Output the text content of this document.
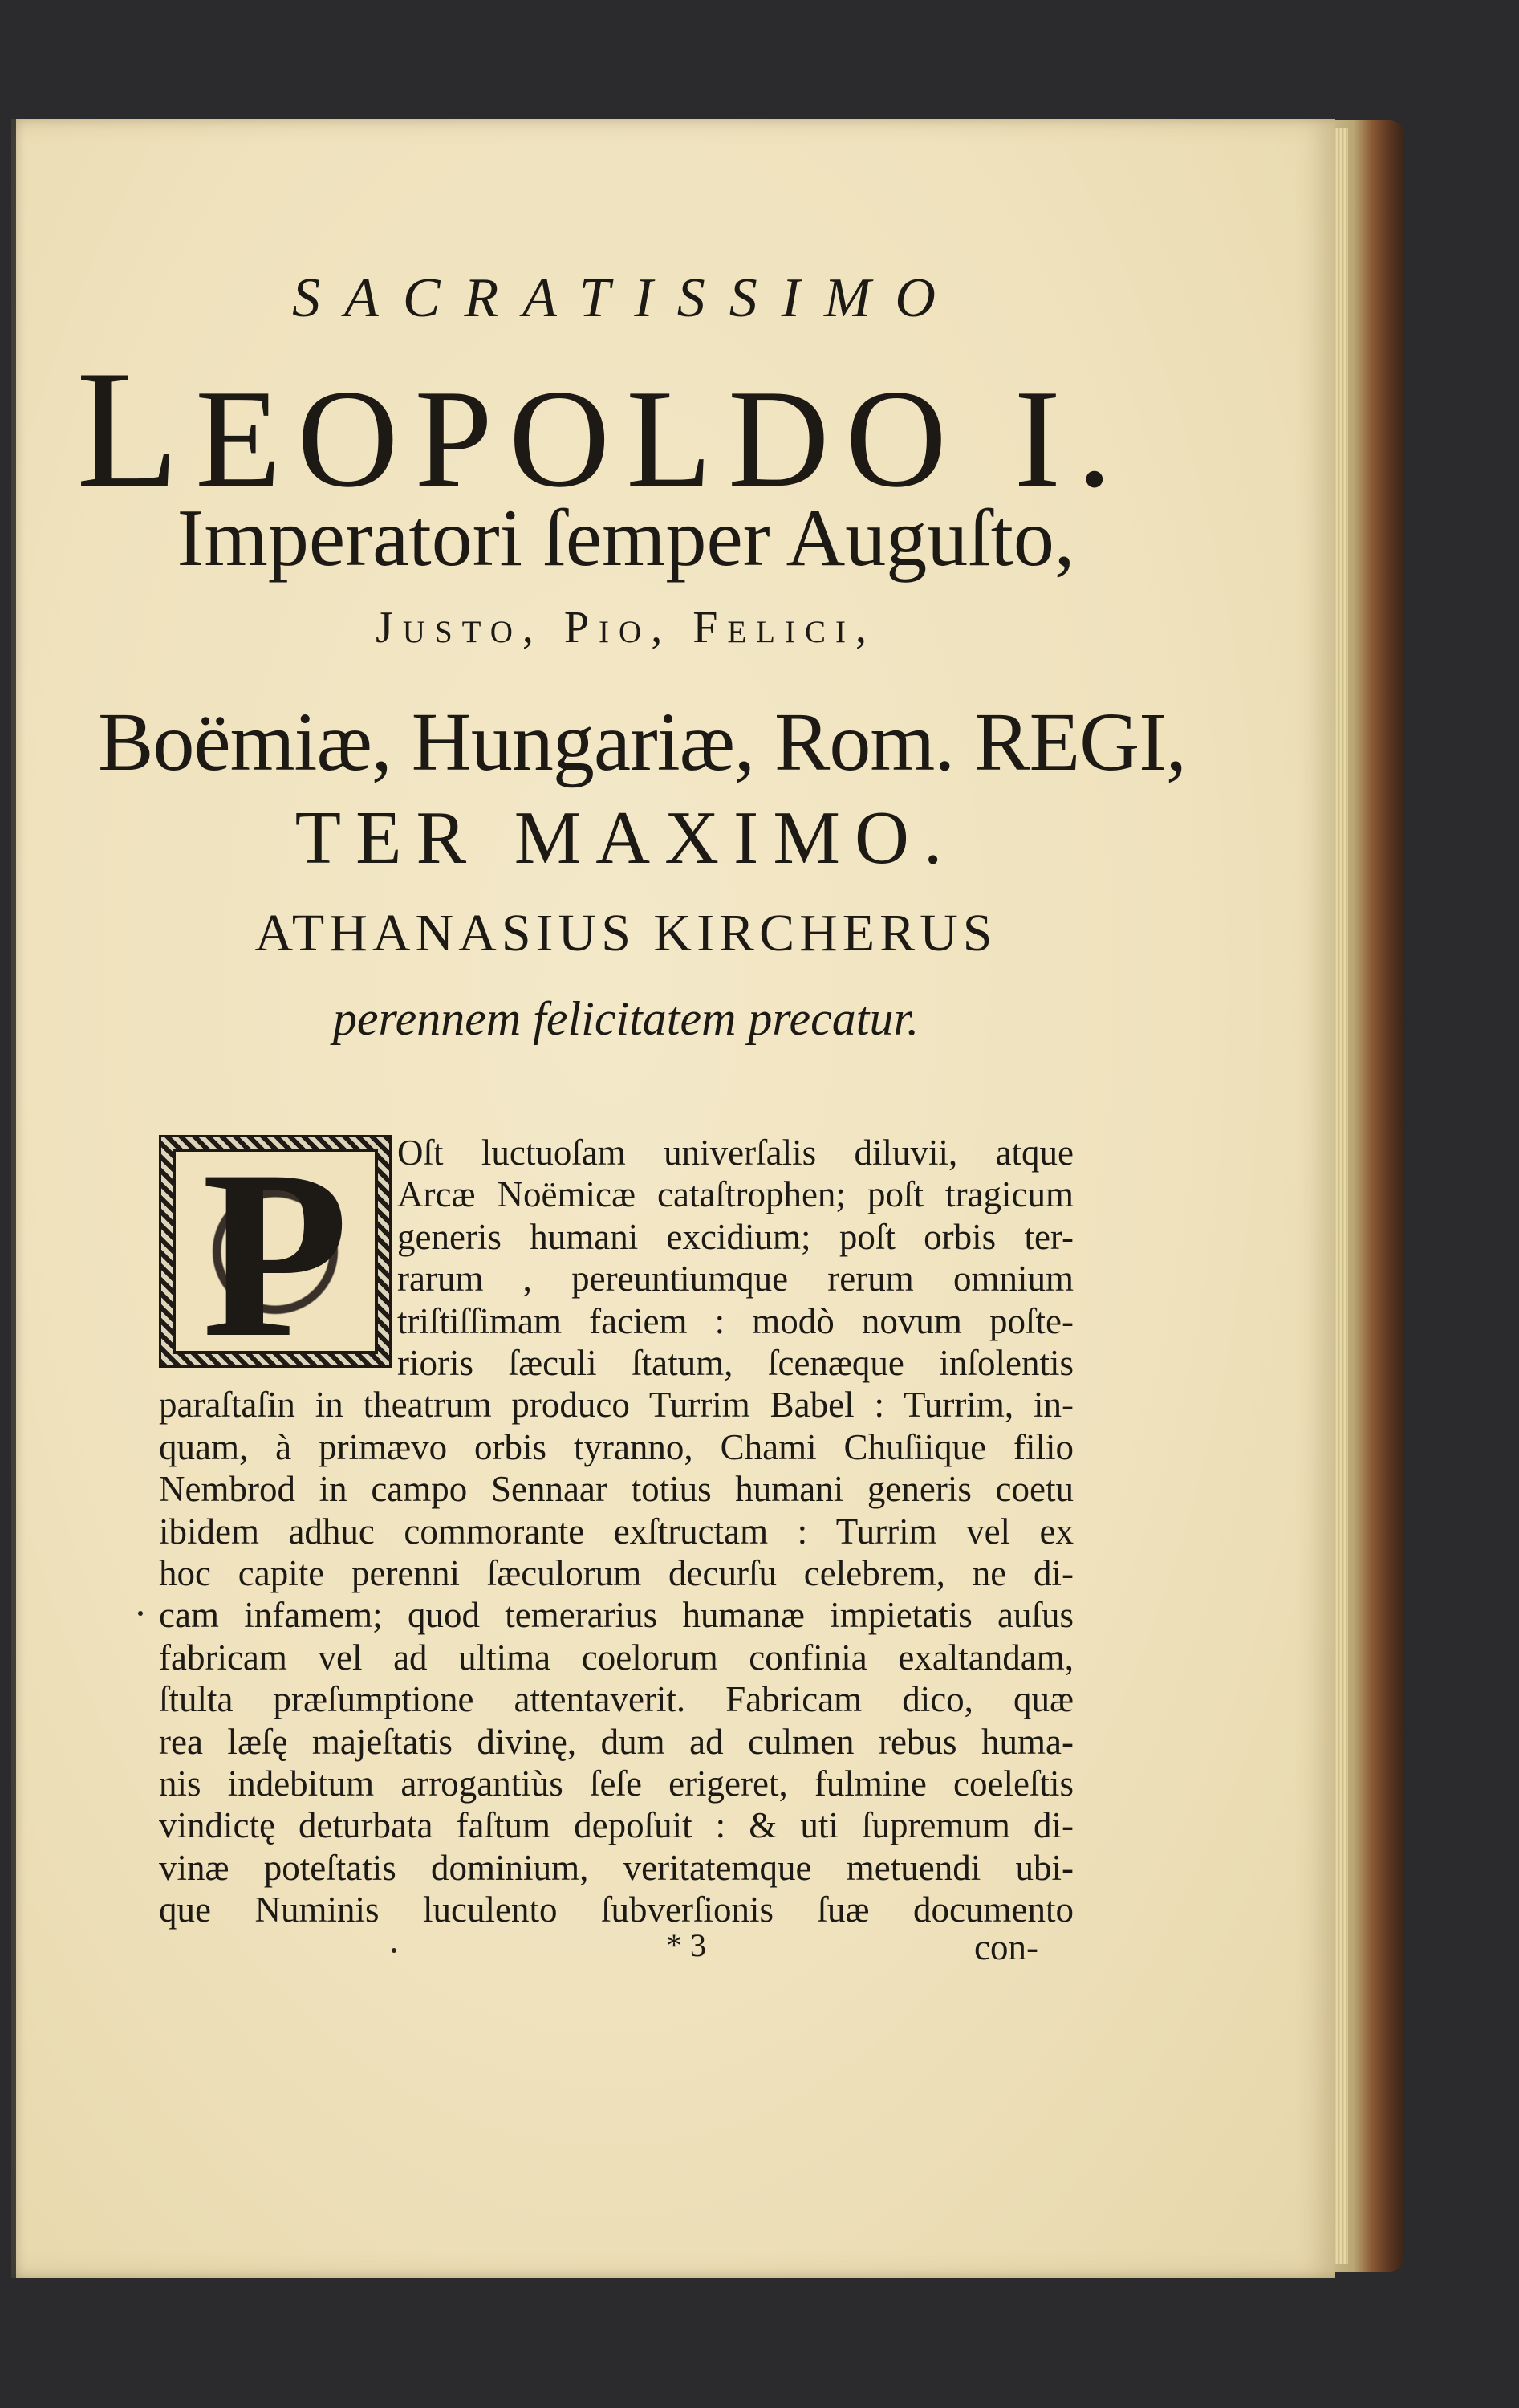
SACRATISSIMO
LEOPOLDO I.
Imperatori ſemper Auguſto,
Justo, Pio, Felici,
Boëmiæ, Hungariæ, Rom. REGI,
TER MAXIMO.
ATHANASIUS KIRCHERUS
perennem felicitatem precatur.
P	Oſt luctuoſam univerſalis diluvii, atque
Arcæ Noëmicæ cataſtrophen; poſt tragicum
generis humani excidium; poſt orbis ter-
rarum , pereuntiumque rerum omnium
triſtiſſimam faciem : modò novum poſte-
rioris ſæculi ſtatum, ſcenæque inſolentis
paraſtaſin in theatrum produco Turrim Babel : Turrim, in-
quam, à primævo orbis tyranno, Chami Chuſiique filio
Nembrod in campo Sennaar totius humani generis coetu
ibidem adhuc commorante exſtructam : Turrim vel ex
hoc capite perenni ſæculorum decurſu celebrem, ne di-
cam infamem; quod temerarius humanæ impietatis auſus
fabricam vel ad ultima coelorum confinia exaltandam,
ſtulta præſumptione attentaverit. Fabricam dico, quæ
rea læſę majeſtatis divinę, dum ad culmen rebus huma-
nis indebitum arrogantiùs ſeſe erigeret, fulmine coeleſtis
vindictę deturbata faſtum depoſuit : & uti ſupremum di-
vinæ poteſtatis dominium, veritatemque metuendi ubi-
que Numinis luculento ſubverſionis ſuæ documento
* 3	con-
